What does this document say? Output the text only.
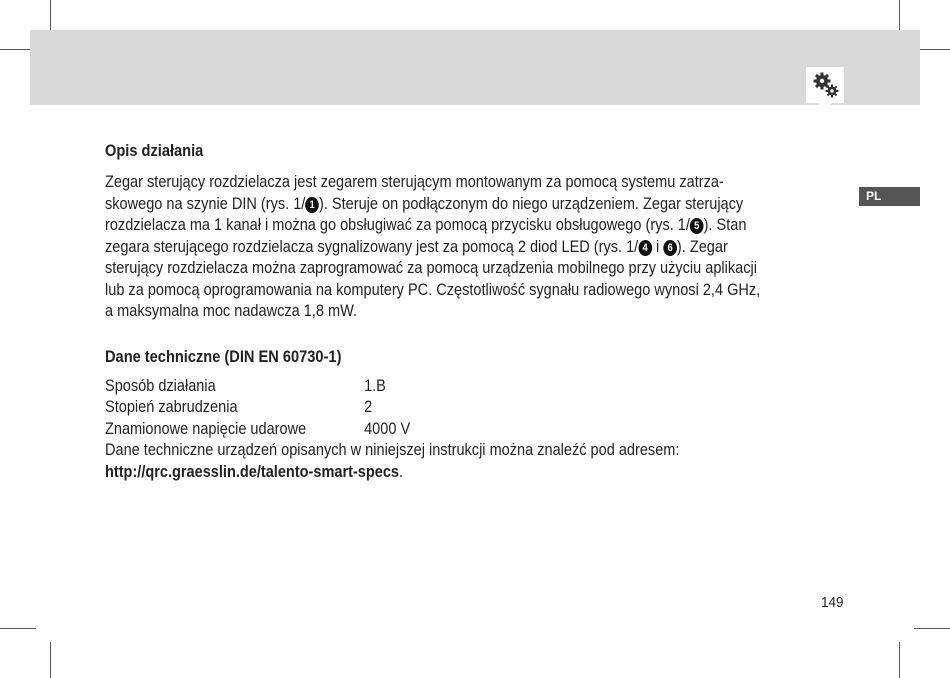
PL
Opis działania
Zegar sterujący rozdzielacza jest zegarem sterującym montowanym za pomocą systemu zatrza-
skowego na szynie DIN (rys. 1/ 1 ). Steruje on podłączonym do niego urządzeniem. Zegar sterujący
rozdzielacza ma 1 kanał i można go obsługiwać za pomocą przycisku obsługowego (rys. 1/ 5 ). Stan
zegara sterującego rozdzielacza sygnalizowany jest za pomocą 2 diod LED (rys. 1/ 4 i 6 ). Zegar
sterujący rozdzielacza można zaprogramować za pomocą urządzenia mobilnego przy użyciu aplikacji
lub za pomocą oprogramowania na komputery PC. Częstotliwość sygnału radiowego wynosi 2,4 GHz,
a maksymalna moc nadawcza 1,8 mW.
Dane techniczne (DIN EN 60730-1)
Sposób działania	1.B
Stopień zabrudzenia	2
Znamionowe napięcie udarowe	4000 V
Dane techniczne urządzeń opisanych w niniejszej instrukcji można znaleźć pod adresem:
http://qrc.graesslin.de/talento-smart-specs.
149
